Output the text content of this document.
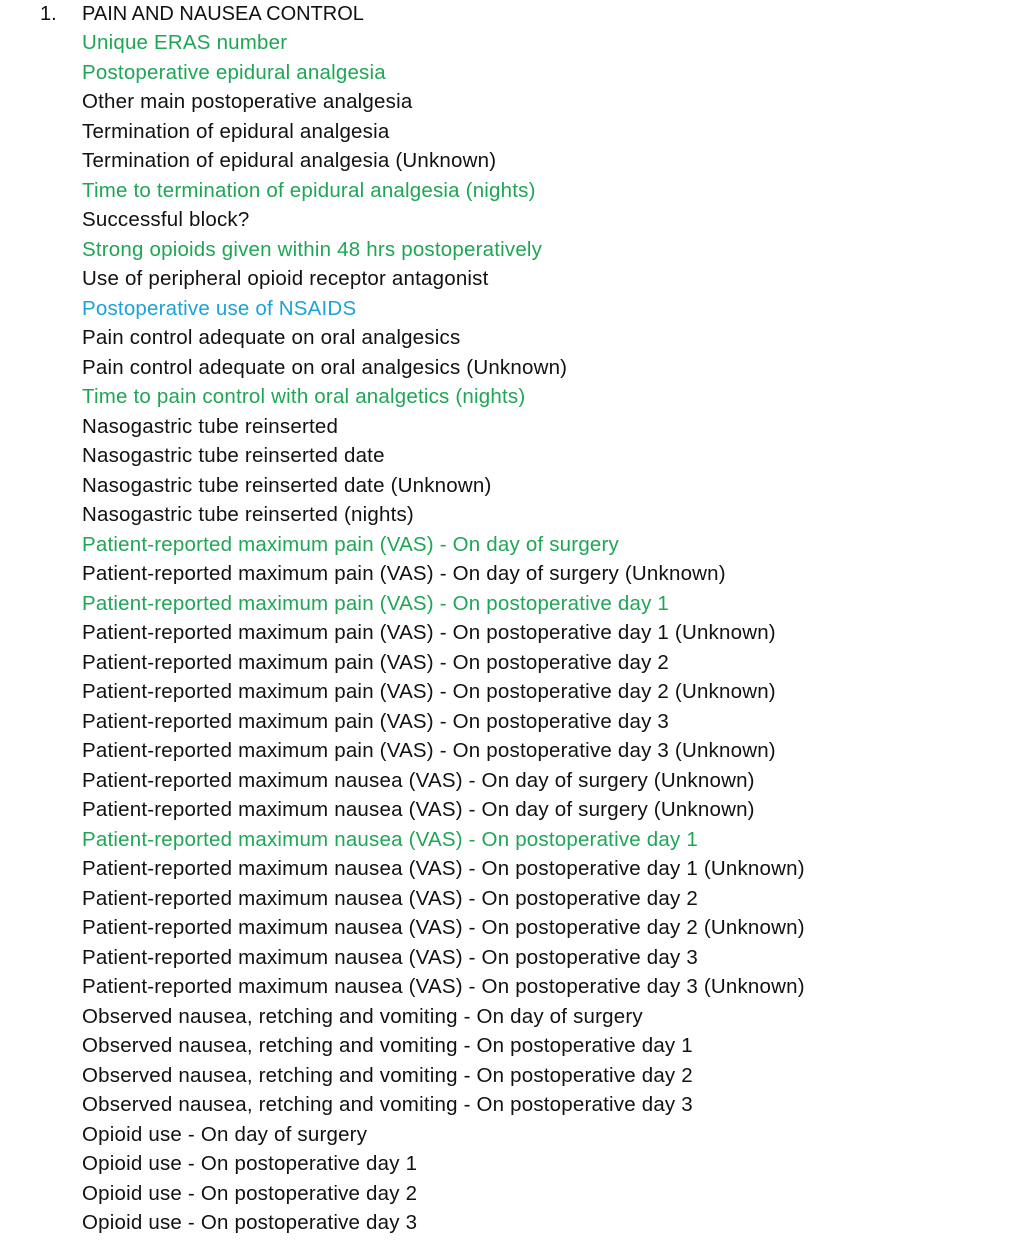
1. PAIN AND NAUSEA CONTROL
Unique ERAS number
Postoperative epidural analgesia
Other main postoperative analgesia
Termination of epidural analgesia
Termination of epidural analgesia (Unknown)
Time to termination of epidural analgesia (nights)
Successful block?
Strong opioids given within 48 hrs postoperatively
Use of peripheral opioid receptor antagonist
Postoperative use of NSAIDS
Pain control adequate on oral analgesics
Pain control adequate on oral analgesics (Unknown)
Time to pain control with oral analgetics (nights)
Nasogastric tube reinserted
Nasogastric tube reinserted date
Nasogastric tube reinserted date (Unknown)
Nasogastric tube reinserted (nights)
Patient-reported maximum pain (VAS) - On day of surgery
Patient-reported maximum pain (VAS) - On day of surgery (Unknown)
Patient-reported maximum pain (VAS) - On postoperative day 1
Patient-reported maximum pain (VAS) - On postoperative day 1 (Unknown)
Patient-reported maximum pain (VAS) - On postoperative day 2
Patient-reported maximum pain (VAS) - On postoperative day 2 (Unknown)
Patient-reported maximum pain (VAS) - On postoperative day 3
Patient-reported maximum pain (VAS) - On postoperative day 3 (Unknown)
Patient-reported maximum nausea (VAS) - On day of surgery (Unknown)
Patient-reported maximum nausea (VAS) - On day of surgery (Unknown)
Patient-reported maximum nausea (VAS) - On postoperative day 1
Patient-reported maximum nausea (VAS) - On postoperative day 1 (Unknown)
Patient-reported maximum nausea (VAS) - On postoperative day 2
Patient-reported maximum nausea (VAS) - On postoperative day 2 (Unknown)
Patient-reported maximum nausea (VAS) - On postoperative day 3
Patient-reported maximum nausea (VAS) - On postoperative day 3 (Unknown)
Observed nausea, retching and vomiting - On day of surgery
Observed nausea, retching and vomiting - On postoperative day 1
Observed nausea, retching and vomiting - On postoperative day 2
Observed nausea, retching and vomiting - On postoperative day 3
Opioid use - On day of surgery
Opioid use - On postoperative day 1
Opioid use - On postoperative day 2
Opioid use - On postoperative day 3
